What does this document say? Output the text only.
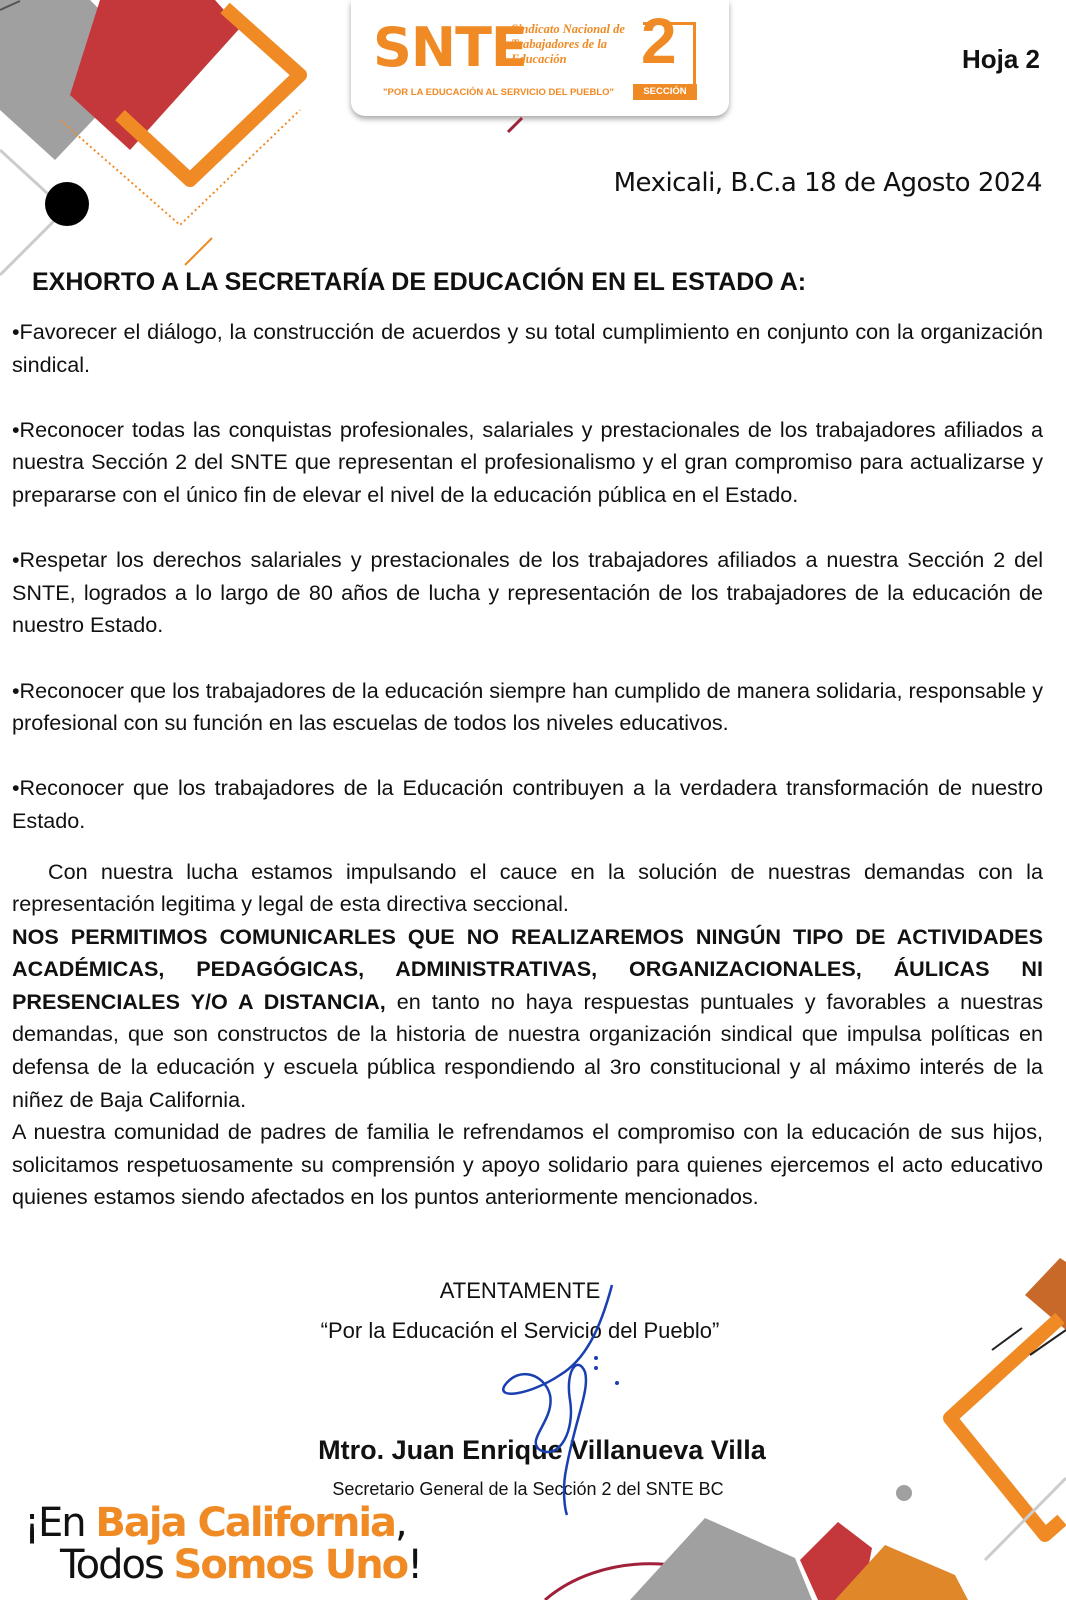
SNTE
Sindicato Nacional de Trabajadores de la Educación
"POR LA EDUCACIÓN AL SERVICIO DEL PUEBLO"
2
SECCIÓN
Hoja 2
Mexicali, B.C.a 18 de Agosto 2024
EXHORTO A LA SECRETARÍA DE EDUCACIÓN EN EL ESTADO A:

•Favorecer el diálogo, la construcción de acuerdos y su total cumplimiento en conjunto con la organización sindical.

•Reconocer todas las conquistas profesionales, salariales y prestacionales de los trabajadores afiliados a nuestra Sección 2 del SNTE que representan el profesionalismo y el gran compromiso para actualizarse y prepararse con el único fin de elevar el nivel de la educación pública en el Estado.

•Respetar los derechos salariales y prestacionales de los trabajadores afiliados a nuestra Sección 2 del SNTE, logrados a lo largo de 80 años de lucha y representación de los trabajadores de la educación de nuestro Estado.

•Reconocer que los trabajadores de la educación siempre han cumplido de manera solidaria, responsable y profesional con su función en las escuelas de todos los niveles educativos.

•Reconocer que los trabajadores de la Educación contribuyen a la verdadera transformación de nuestro Estado.

Con nuestra lucha estamos impulsando el cauce en la solución de nuestras demandas con la representación legitima y legal de esta directiva seccional.

NOS PERMITIMOS COMUNICARLES QUE NO REALIZAREMOS NINGÚN TIPO DE ACTIVIDADES ACADÉMICAS, PEDAGÓGICAS, ADMINISTRATIVAS, ORGANIZACIONALES, ÁULICAS NI PRESENCIALES Y/O A DISTANCIA, en tanto no haya respuestas puntuales y favorables a nuestras demandas, que son constructos de la historia de nuestra organización sindical que impulsa políticas en defensa de la educación y escuela pública respondiendo al 3ro constitucional y al máximo interés de la niñez de Baja California.

A nuestra comunidad de padres de familia le refrendamos el compromiso con la educación de sus hijos, solicitamos respetuosamente su comprensión y apoyo solidario para quienes ejercemos el acto educativo quienes estamos siendo afectados en los puntos anteriormente mencionados.

ATENTAMENTE
“Por la Educación el Servicio del Pueblo”
Mtro. Juan Enrique Villanueva Villa
Secretario General de la Sección 2 del SNTE BC
¡En Baja California,
Todos Somos Uno!
